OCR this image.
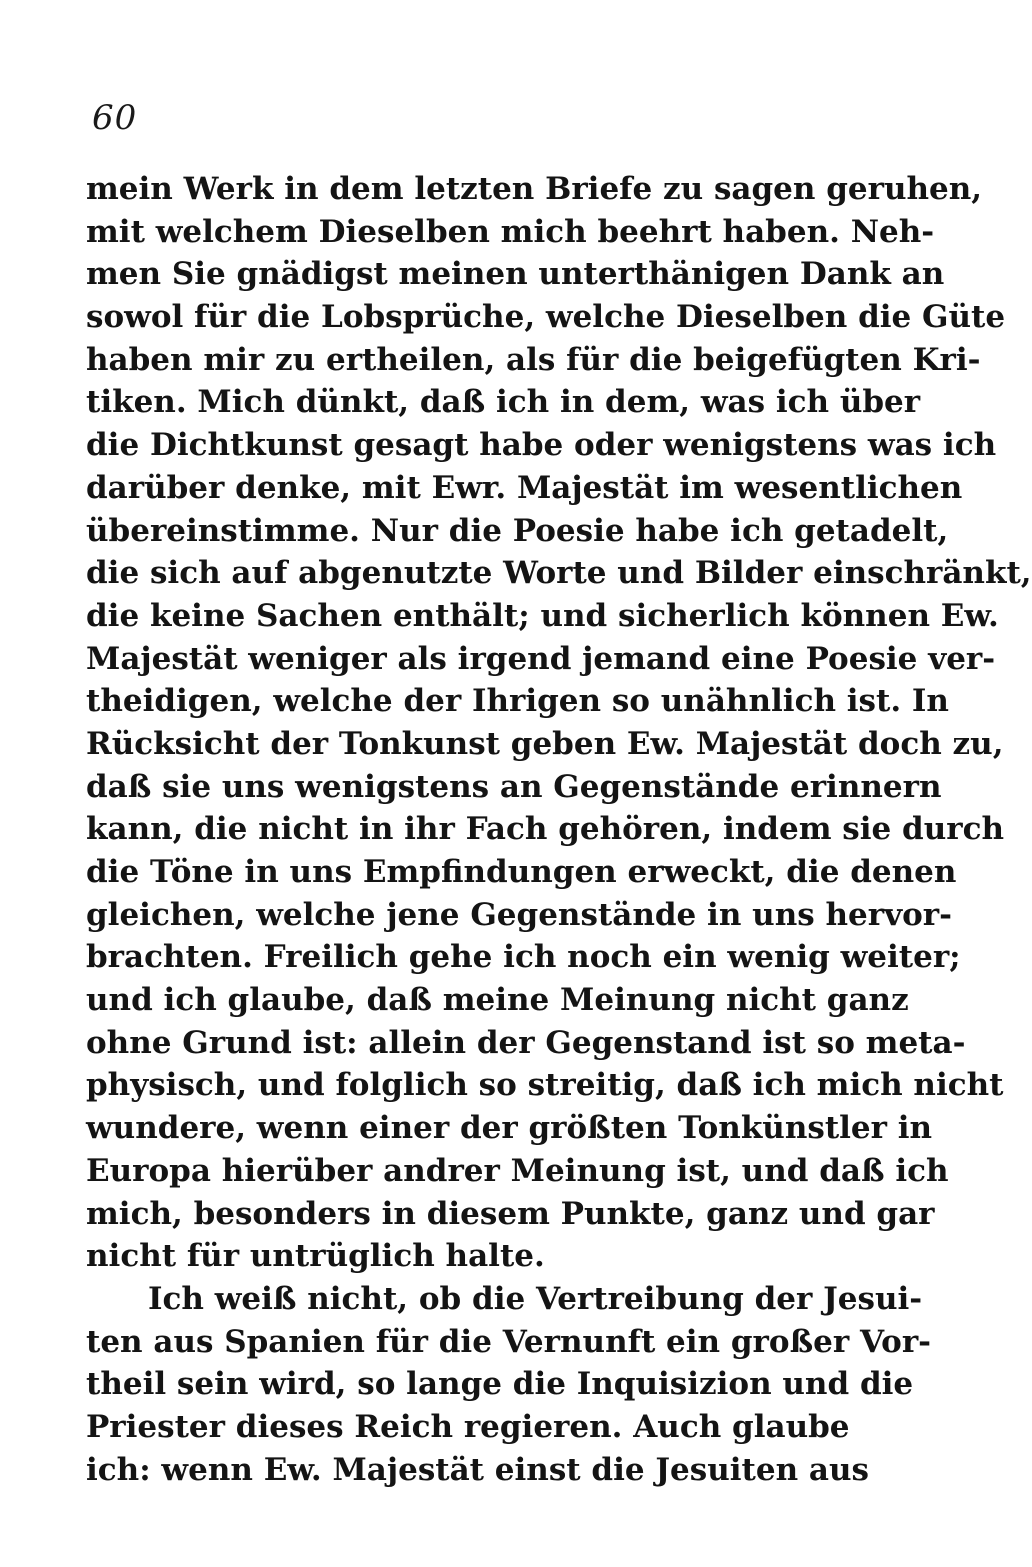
60
mein Werk in dem letzten Briefe zu sagen geruhen,
mit welchem Dieselben mich beehrt haben. Neh-
men Sie gnädigst meinen unterthänigen Dank an
sowol für die Lobsprüche, welche Dieselben die Güte
haben mir zu ertheilen, als für die beigefügten Kri-
tiken. Mich dünkt, daß ich in dem, was ich über
die Dichtkunst gesagt habe oder wenigstens was ich
darüber denke, mit Ewr. Majestät im wesentlichen
übereinstimme. Nur die Poesie habe ich getadelt,
die sich auf abgenutzte Worte und Bilder einschränkt,
die keine Sachen enthält; und sicherlich können Ew.
Majestät weniger als irgend jemand eine Poesie ver-
theidigen, welche der Ihrigen so unähnlich ist. In
Rücksicht der Tonkunst geben Ew. Majestät doch zu,
daß sie uns wenigstens an Gegenstände erinnern
kann, die nicht in ihr Fach gehören, indem sie durch
die Töne in uns Empfindungen erweckt, die denen
gleichen, welche jene Gegenstände in uns hervor-
brachten. Freilich gehe ich noch ein wenig weiter;
und ich glaube, daß meine Meinung nicht ganz
ohne Grund ist: allein der Gegenstand ist so meta-
physisch, und folglich so streitig, daß ich mich nicht
wundere, wenn einer der größten Tonkünstler in
Europa hierüber andrer Meinung ist, und daß ich
mich, besonders in diesem Punkte, ganz und gar
nicht für untrüglich halte.
Ich weiß nicht, ob die Vertreibung der Jesui-
ten aus Spanien für die Vernunft ein großer Vor-
theil sein wird, so lange die Inquisizion und die
Priester dieses Reich regieren. Auch glaube
ich: wenn Ew. Majestät einst die Jesuiten aus
